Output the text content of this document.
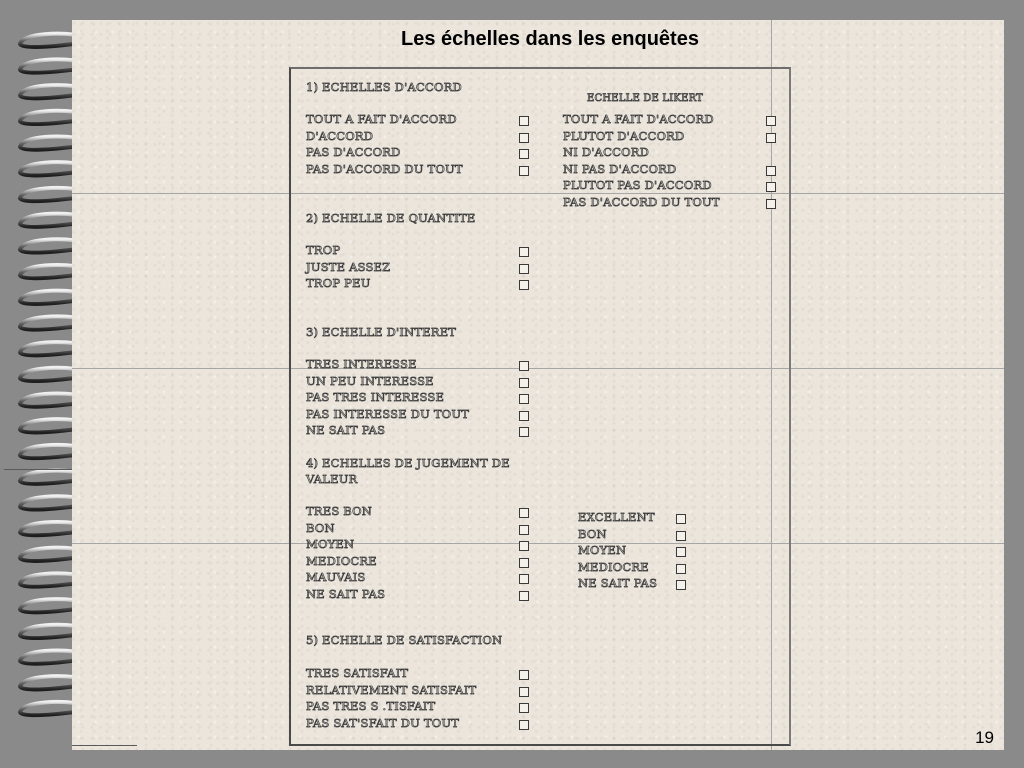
Les échelles dans les enquêtes
1) ECHELLES D'ACCORD
TOUT A FAIT D'ACCORD
D'ACCORD
PAS D'ACCORD
PAS D'ACCORD DU TOUT
ECHELLE DE LIKERT
TOUT A FAIT D'ACCORD
PLUTOT D'ACCORD
NI D'ACCORD
NI PAS D'ACCORD
PLUTOT PAS D'ACCORD
PAS D'ACCORD DU TOUT
2) ECHELLE DE QUANTITE
TROP
JUSTE ASSEZ
TROP PEU
3) ECHELLE D'INTERET
TRES INTERESSE
UN PEU INTERESSE
PAS TRES INTERESSE
PAS INTERESSE DU TOUT
NE SAIT PAS
4) ECHELLES DE JUGEMENT DE
VALEUR
TRES BON
BON
MOYEN
MEDIOCRE
MAUVAIS
NE SAIT PAS
EXCELLENT
BON
MOYEN
MEDIOCRE
NE SAIT PAS
5) ECHELLE DE SATISFACTION
TRES SATISFAIT
RELATIVEMENT SATISFAIT
PAS TRES S .TISFAIT
PAS SAT'SFAIT DU TOUT
19
